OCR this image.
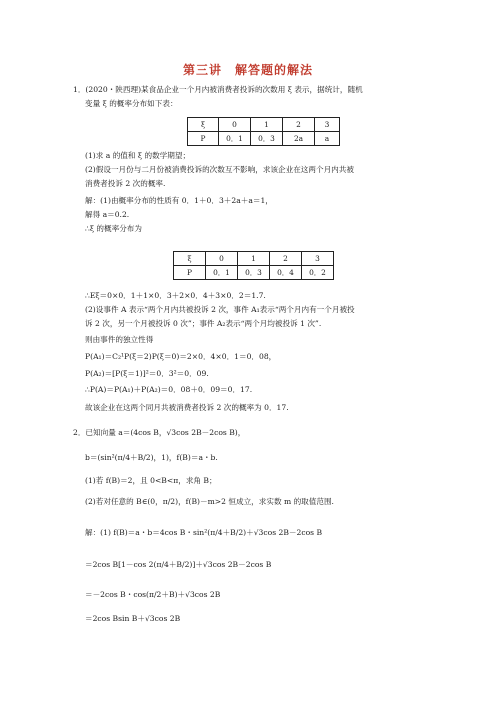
第三讲　解答题的解法
1．(2020・陕西理)某食品企业一个月内被消费者投诉的次数用 ξ 表示，据统计，随机
变量 ξ 的概率分布如下表：
ξ	0	1	2	3
P	0．1	0．3	2a	a
(1)求 a 的值和 ξ 的数学期望；
(2)假设一月份与二月份被消费投诉的次数互不影响，求该企业在这两个月内共被
消费者投诉 2 次的概率.
解：(1)由概率分布的性质有 0．1＋0．3＋2a＋a＝1，
解得 a＝0.2.
∴ξ 的概率分布为
ξ	0	1	2	3
P	0．1	0．3	0．4	0．2
∴Eξ＝0×0．1＋1×0．3＋2×0．4＋3×0．2＝1.7.
(2)设事件 A 表示“两个月内共被投诉 2 次，事件 A₁表示“两个月内有一个月被投
诉 2 次，另一个月被投诉 0 次”；事件 A₂表示“两个月均被投诉 1 次”.
则由事件的独立性得
P(A₁)＝C₂¹P(ξ＝2)P(ξ＝0)＝2×0．4×0．1＝0．08，
P(A₂)＝[P(ξ＝1)]²＝0．3²＝0．09.
∴P(A)＝P(A₁)＋P(A₂)＝0．08＋0．09＝0．17.
故该企业在这两个同月共被消费者投诉 2 次的概率为 0．17.
2．已知向量 a＝(4cos B，√3cos 2B－2cos B)，
b＝(sin²(π/4＋B/2)，1)，f(B)＝a・b.
(1)若 f(B)＝2，且 0<B<π，求角 B；
(2)若对任意的 B∈(0，π/2)，f(B)－m>2 恒成立，求实数 m 的取值范围.
解：(1) f(B)＝a・b＝4cos B・sin²(π/4＋B/2)＋√3cos 2B－2cos B
＝2cos B[1－cos 2(π/4＋B/2)]＋√3cos 2B－2cos B
＝－2cos B・cos(π/2＋B)＋√3cos 2B
＝2cos Bsin B＋√3cos 2B
